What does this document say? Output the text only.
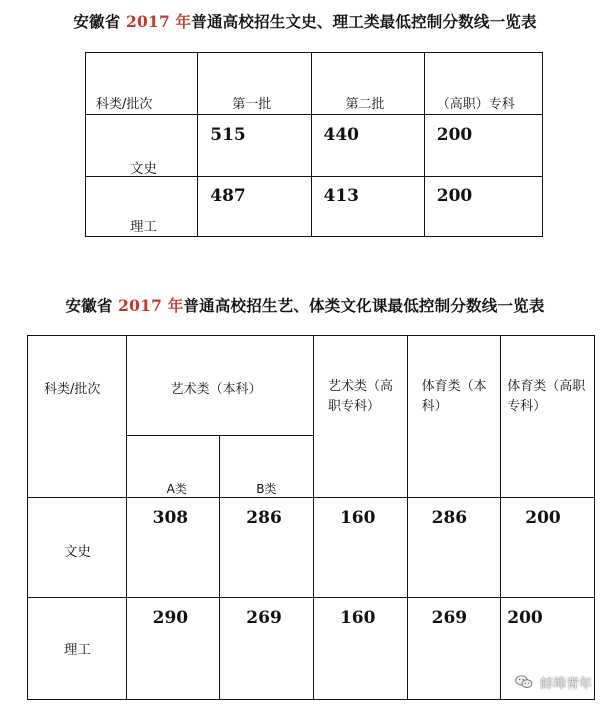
安徽省 2017 年普通高校招生文史、理工类最低控制分数线一览表
科类/批次	第一批	第二批	（高职）专科

文史	515	440	200

理工	487	413	200
安徽省 2017 年普通高校招生艺、体类文化课最低控制分数线一览表
科类/批次	艺术类（本科）		艺术类（高职专科）	体育类（本科）	体育类（高职专科）

	A类	B类			

文史	308	286	160	286	200

理工	290	269	160	269	200
蚌埠青年
